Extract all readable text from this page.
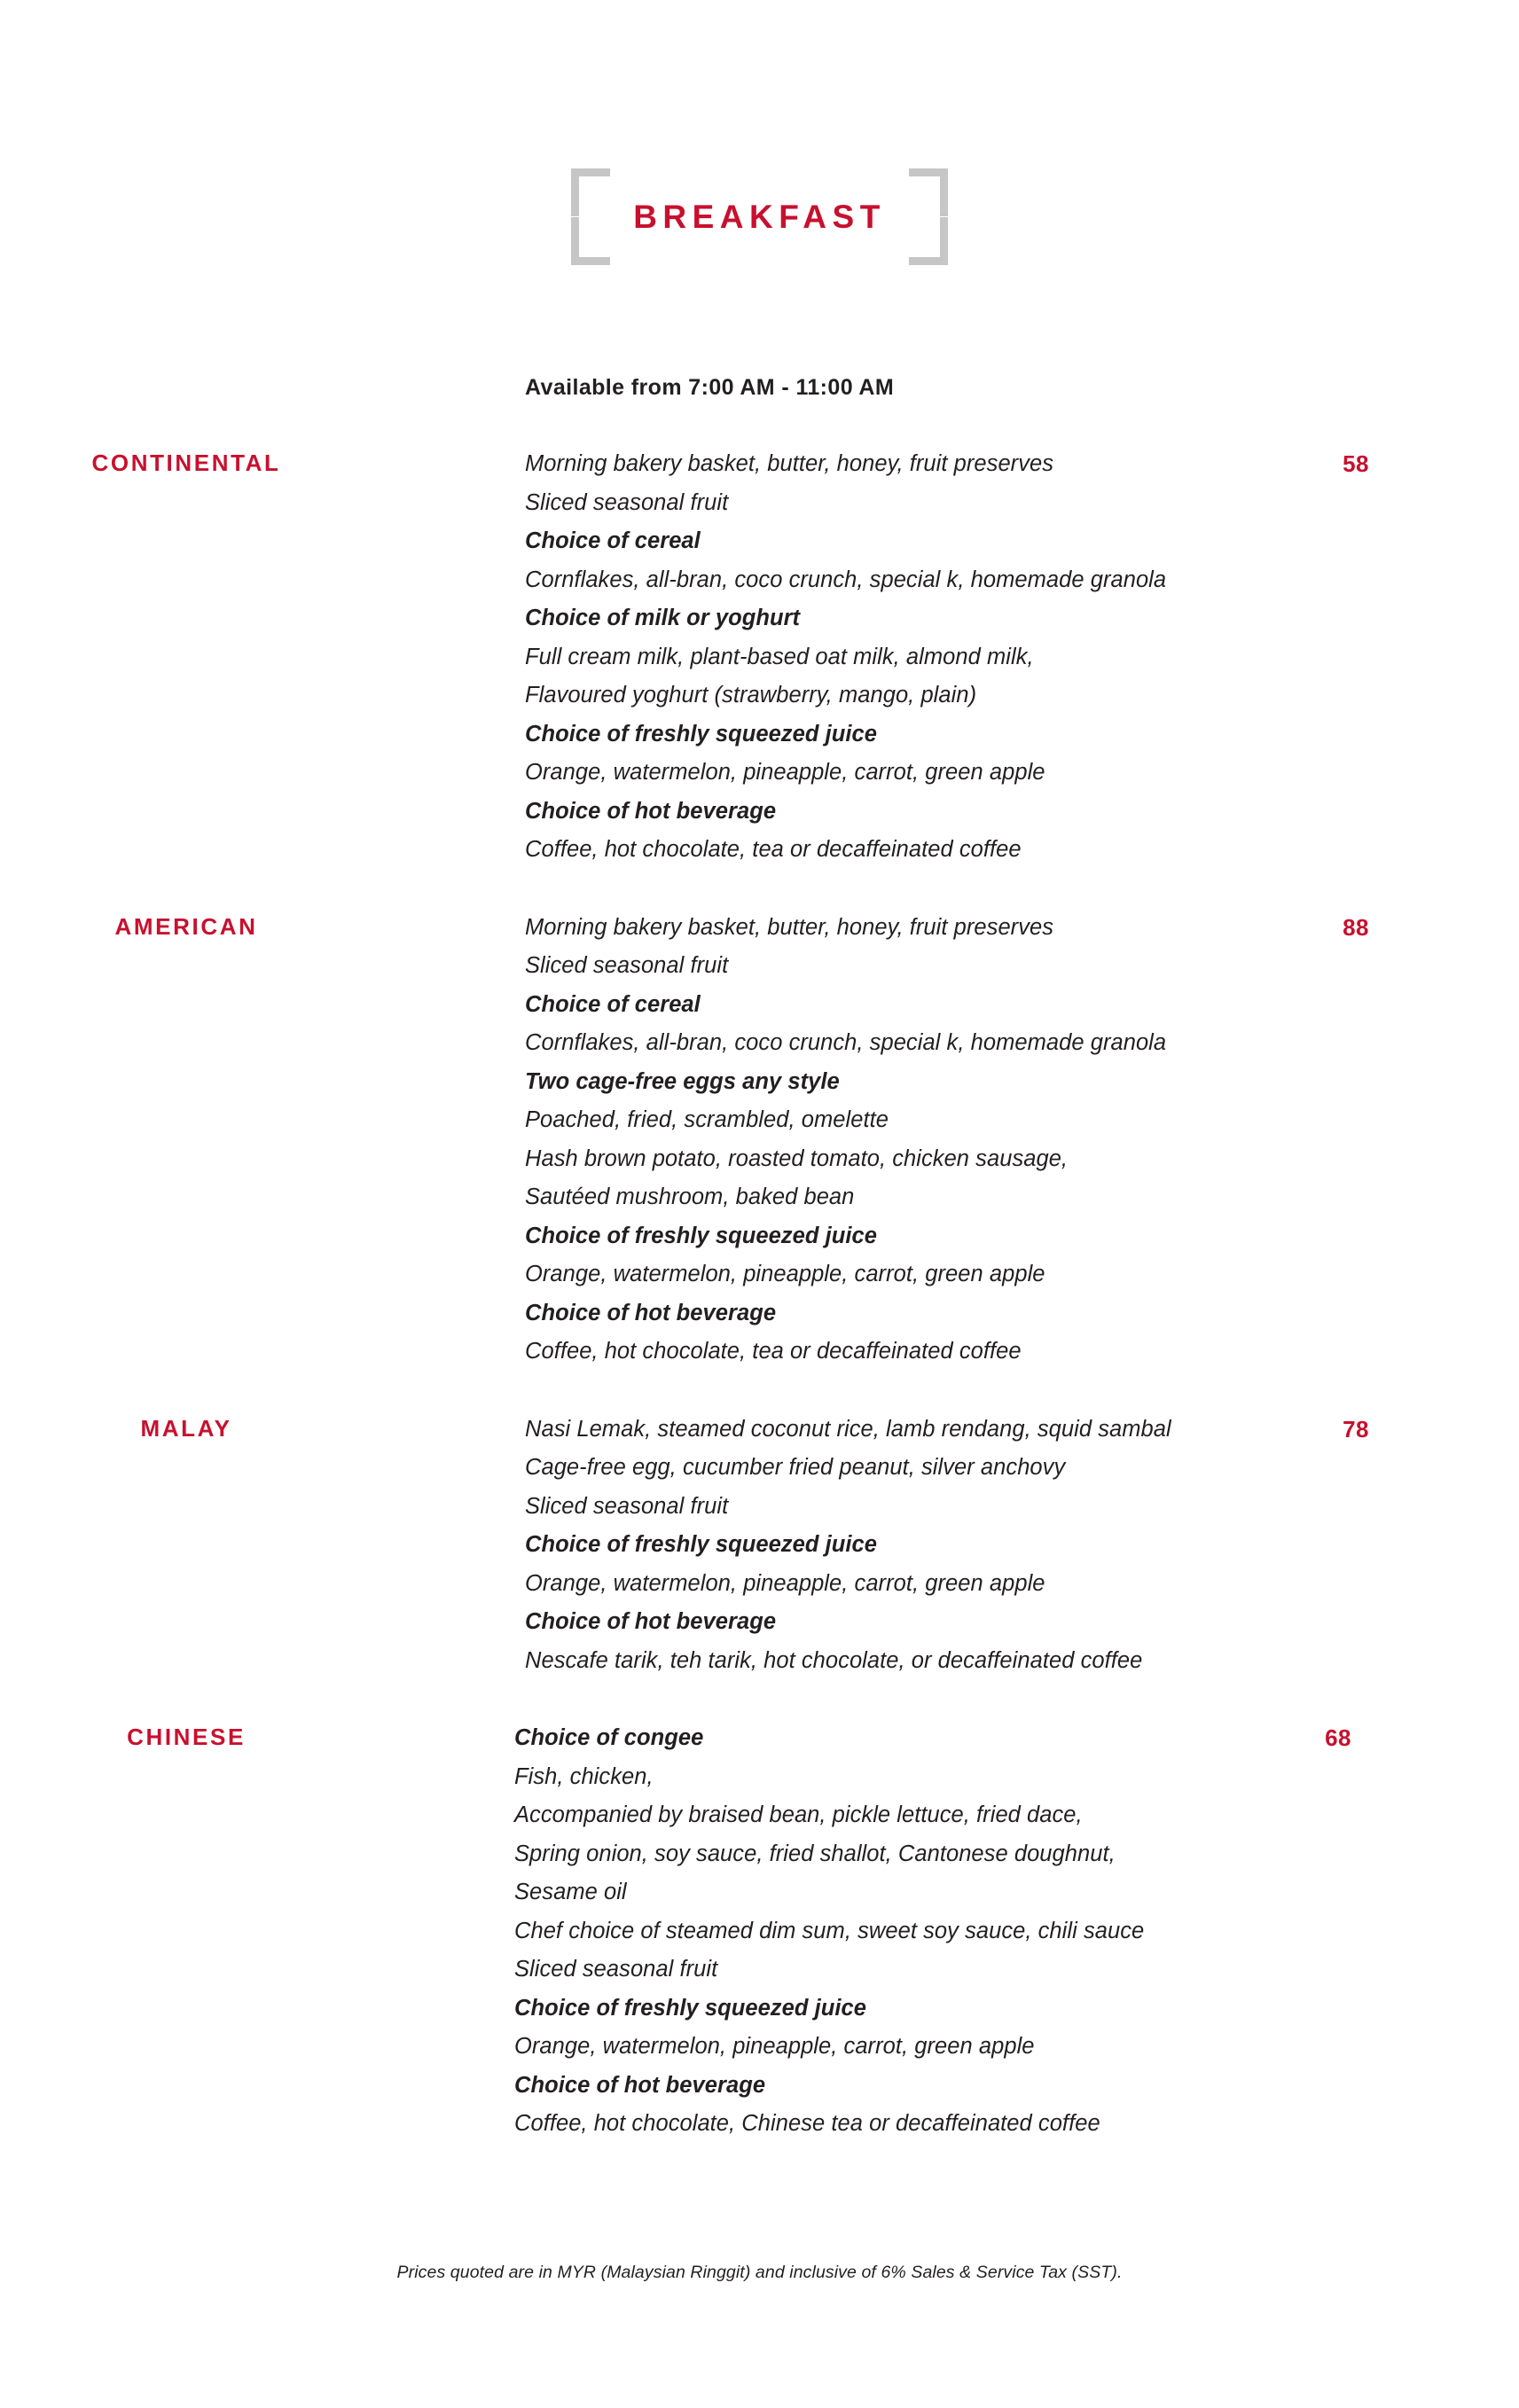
BREAKFAST
Available from 7:00 AM - 11:00 AM
CONTINENTAL	58
Morning bakery basket, butter, honey, fruit preserves
Sliced seasonal fruit
Choice of cereal
Cornflakes, all-bran, coco crunch, special k, homemade granola
Choice of milk or yoghurt
Full cream milk, plant-based oat milk, almond milk,
Flavoured yoghurt (strawberry, mango, plain)
Choice of freshly squeezed juice
Orange, watermelon, pineapple, carrot, green apple
Choice of hot beverage
Coffee, hot chocolate, tea or decaffeinated coffee
AMERICAN	88
Morning bakery basket, butter, honey, fruit preserves
Sliced seasonal fruit
Choice of cereal
Cornflakes, all-bran, coco crunch, special k, homemade granola
Two cage-free eggs any style
Poached, fried, scrambled, omelette
Hash brown potato, roasted tomato, chicken sausage,
Sautéed mushroom, baked bean
Choice of freshly squeezed juice
Orange, watermelon, pineapple, carrot, green apple
Choice of hot beverage
Coffee, hot chocolate, tea or decaffeinated coffee
MALAY	78
Nasi Lemak, steamed coconut rice, lamb rendang, squid sambal
Cage-free egg, cucumber fried peanut, silver anchovy
Sliced seasonal fruit
Choice of freshly squeezed juice
Orange, watermelon, pineapple, carrot, green apple
Choice of hot beverage
Nescafe tarik, teh tarik, hot chocolate, or decaffeinated coffee
CHINESE	68
Choice of congee
Fish, chicken,
Accompanied by braised bean, pickle lettuce, fried dace,
Spring onion, soy sauce, fried shallot, Cantonese doughnut,
Sesame oil
Chef choice of steamed dim sum, sweet soy sauce, chili sauce
Sliced seasonal fruit
Choice of freshly squeezed juice
Orange, watermelon, pineapple, carrot, green apple
Choice of hot beverage
Coffee, hot chocolate, Chinese tea or decaffeinated coffee
Prices quoted are in MYR (Malaysian Ringgit) and inclusive of 6% Sales & Service Tax (SST).
